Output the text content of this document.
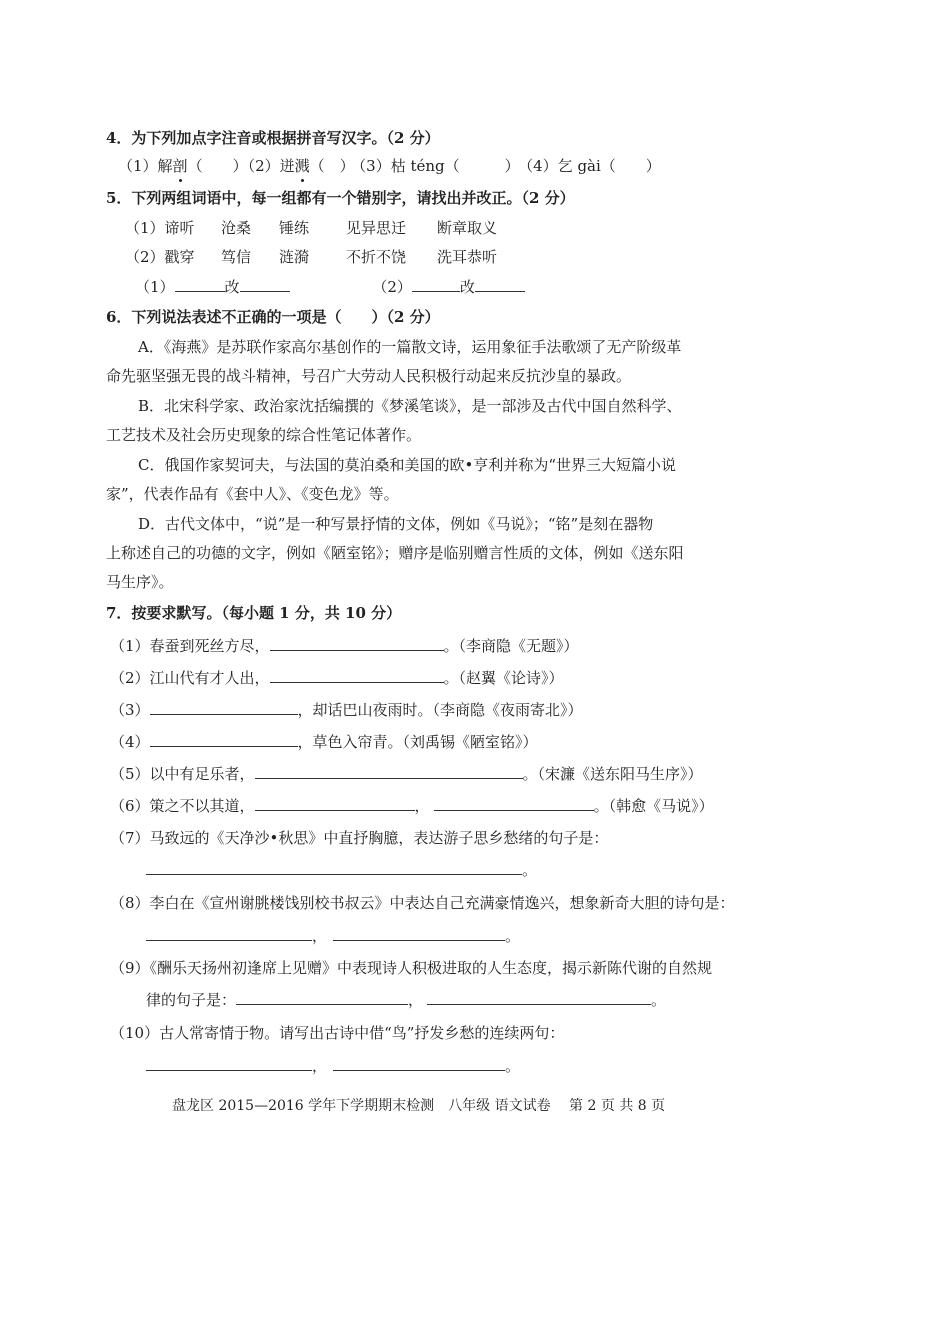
4．为下列加点字注音或根据拼音写汉字。（2 分）
（1）解剖（　　）（2）迸溅（　） （3）枯 téng（　　　） （4）乞 gài（　　）
5．下列两组词语中，每一组都有一个错别字，请找出并改正。（2 分）
（1）谛听 沧桑 锤练 见异思迁 断章取义
（2）戳穿 笃信 涟漪 不折不饶 洗耳恭听
（1）	改	（2）	改
6．下列说法表述不正确的一项是（　　）（2 分）
A．《海燕》是苏联作家高尔基创作的一篇散文诗，运用象征手法歌颂了无产阶级革
命先驱坚强无畏的战斗精神，号召广大劳动人民积极行动起来反抗沙皇的暴政。
B．北宋科学家、政治家沈括编撰的《梦溪笔谈》，是一部涉及古代中国自然科学、
工艺技术及社会历史现象的综合性笔记体著作。
C．俄国作家契诃夫，与法国的莫泊桑和美国的欧•亨利并称为“世界三大短篇小说
家”，代表作品有《套中人》、《变色龙》等。
D．古代文体中，“说”是一种写景抒情的文体，例如《马说》；“铭”是刻在器物
上称述自己的功德的文字，例如《陋室铭》；赠序是临别赠言性质的文体，例如《送东阳
马生序》。
7．按要求默写。（每小题 1 分，共 10 分）
（1）春蚕到死丝方尽，	。（李商隐《无题》）
（2）江山代有才人出，	。（赵翼《论诗》）
（3）	，却话巴山夜雨时。（李商隐《夜雨寄北》）
（4）	，草色入帘青。（刘禹锡《陋室铭》）
（5）以中有足乐者，	。（宋濂《送东阳马生序》）
（6）策之不以其道，	，	。（韩愈《马说》）
（7）马致远的《天净沙•秋思》中直抒胸臆，表达游子思乡愁绪的句子是：
。
（8）李白在《宣州谢朓楼饯别校书叔云》中表达自己充满豪情逸兴，想象新奇大胆的诗句是：
，	。
（9）《酬乐天扬州初逢席上见赠》中表现诗人积极进取的人生态度，揭示新陈代谢的自然规
律的句子是：	，	。
（10）古人常寄情于物。请写出古诗中借“鸟”抒发乡愁的连续两句：
，	。
盘龙区 2015—2016 学年下学期期末检测　八年级 语文试卷　 第 2 页 共 8 页
